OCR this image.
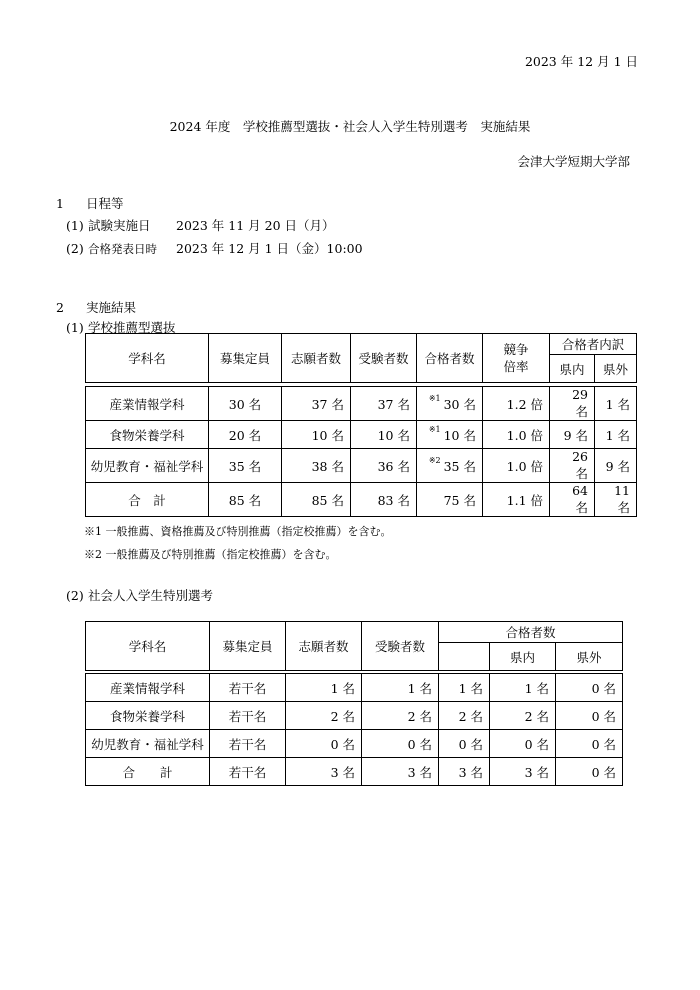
2023 年 12 月 1 日
2024 年度　学校推薦型選抜・社会人入学生特別選考　実施結果
会津大学短期大学部
1 日程等
(1) 試験実施日 2023 年 11 月 20 日（月）
(2) 合格発表日時 2023 年 12 月 1 日（金）10:00
2 実施結果
(1) 学校推薦型選抜
学科名	募集定員	志願者数	受験者数	合格者数	競争
倍率	合格者内訳	
						県内	県外

産業情報学科	30 名	37 名	37 名	$^{※1}$ 30 名	1.2 倍	29 名	1 名
食物栄養学科	20 名	10 名	10 名	$^{※1}$ 10 名	1.0 倍	9 名	1 名
幼児教育・福祉学科	35 名	38 名	36 名	$^{※2}$ 35 名	1.0 倍	26 名	9 名
合　計	85 名	85 名	83 名	75 名	1.1 倍	64 名	11 名
※1 一般推薦、資格推薦及び特別推薦（指定校推薦）を含む。
※2 一般推薦及び特別推薦（指定校推薦）を含む。
(2) 社会人入学生特別選考
学科名	募集定員	志願者数	受験者数	合格者数		
					県内	県外

産業情報学科	若干名	1 名	1 名	1 名	1 名	0 名
食物栄養学科	若干名	2 名	2 名	2 名	2 名	0 名
幼児教育・福祉学科	若干名	0 名	0 名	0 名	0 名	0 名
合　　計	若干名	3 名	3 名	3 名	3 名	0 名
